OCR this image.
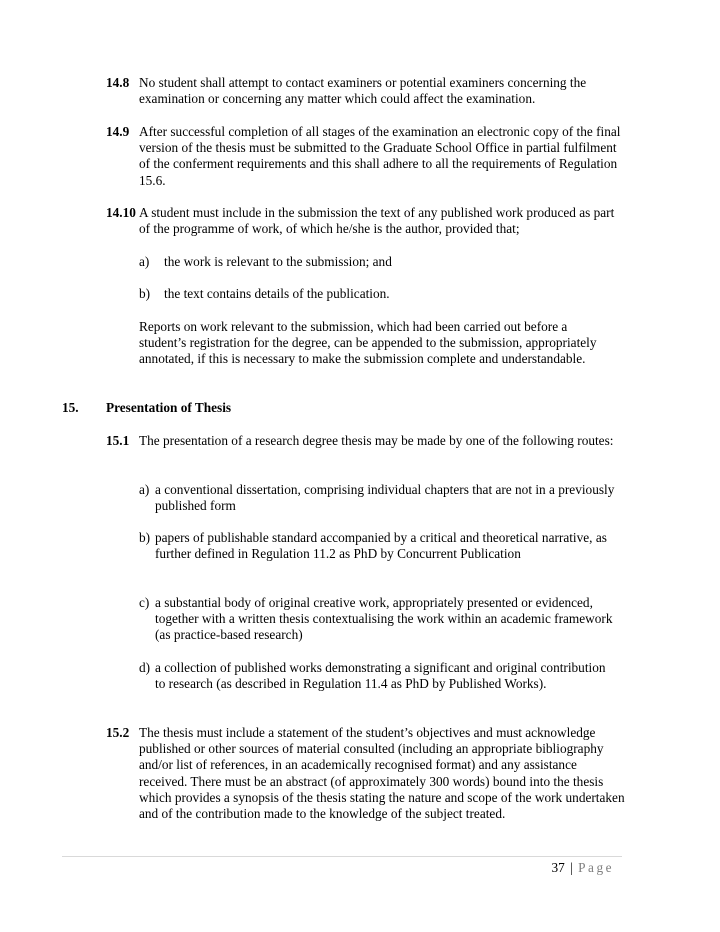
14.8 No student shall attempt to contact examiners or potential examiners concerning the examination or concerning any matter which could affect the examination.
14.9 After successful completion of all stages of the examination an electronic copy of the final version of the thesis must be submitted to the Graduate School Office in partial fulfilment of the conferment requirements and this shall adhere to all the requirements of Regulation 15.6.
14.10 A student must include in the submission the text of any published work produced as part of the programme of work, of which he/she is the author, provided that;
a) the work is relevant to the submission; and
b) the text contains details of the publication.
Reports on work relevant to the submission, which had been carried out before a student’s registration for the degree, can be appended to the submission, appropriately annotated, if this is necessary to make the submission complete and understandable.
15. Presentation of Thesis
15.1 The presentation of a research degree thesis may be made by one of the following routes:
a) a conventional dissertation, comprising individual chapters that are not in a previously published form
b) papers of publishable standard accompanied by a critical and theoretical narrative, as further defined in Regulation 11.2 as PhD by Concurrent Publication
c) a substantial body of original creative work, appropriately presented or evidenced, together with a written thesis contextualising the work within an academic framework (as practice-based research)
d) a collection of published works demonstrating a significant and original contribution to research (as described in Regulation 11.4 as PhD by Published Works).
15.2 The thesis must include a statement of the student’s objectives and must acknowledge published or other sources of material consulted (including an appropriate bibliography and/or list of references, in an academically recognised format) and any assistance received. There must be an abstract (of approximately 300 words) bound into the thesis which provides a synopsis of the thesis stating the nature and scope of the work undertaken and of the contribution made to the knowledge of the subject treated.
37 | Page
